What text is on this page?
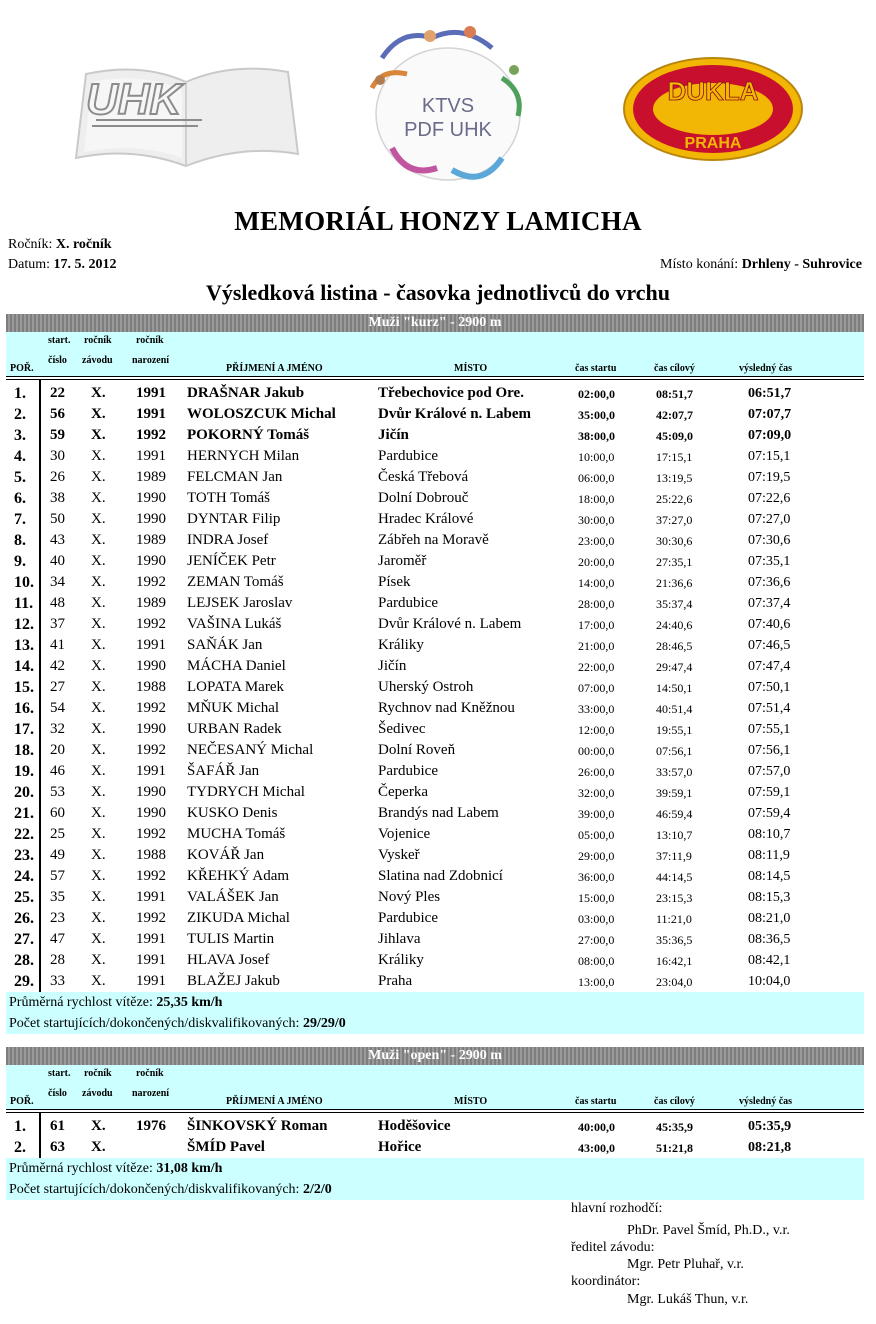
UHK	KTVS
PDF UHK
DUKLA
PRAHA
MEMORIÁL HONZY LAMICHA
Ročník: X. ročník
Datum: 17. 5. 2012	Místo konání: Drhleny - Suhrovice
Výsledková listina - časovka jednotlivců do vrchu
Muži "kurz" - 2900 m
POŘ.
start.
číslo
ročník
závodu
ročník
narození
PŘÍJMENÍ A JMÉNO	MÍSTO	čas startu	čas cílový	výsledný čas
1. 22 X. 1991 DRAŠNAR Jakub	Třebechovice pod Ore.	02:00,0	08:51,7	06:51,7
2. 56 X. 1991 WOLOSZCUK Michal	Dvůr Králové n. Labem	35:00,0	42:07,7	07:07,7
3. 59 X. 1992 POKORNÝ Tomáš	Jičín	38:00,0	45:09,0	07:09,0
4. 30 X. 1991 HERNYCH Milan	Pardubice	10:00,0	17:15,1	07:15,1
5. 26 X. 1989 FELCMAN Jan	Česká Třebová	06:00,0	13:19,5	07:19,5
6. 38 X. 1990 TOTH Tomáš	Dolní Dobrouč	18:00,0	25:22,6	07:22,6
7. 50 X. 1990 DYNTAR Filip	Hradec Králové	30:00,0	37:27,0	07:27,0
8. 43 X. 1989 INDRA Josef	Zábřeh na Moravě	23:00,0	30:30,6	07:30,6
9. 40 X. 1990 JENÍČEK Petr	Jaroměř	20:00,0	27:35,1	07:35,1
10. 34 X. 1992 ZEMAN Tomáš	Písek	14:00,0	21:36,6	07:36,6
11. 48 X. 1989 LEJSEK Jaroslav	Pardubice	28:00,0	35:37,4	07:37,4
12. 37 X. 1992 VAŠINA Lukáš	Dvůr Králové n. Labem	17:00,0	24:40,6	07:40,6
13. 41 X. 1991 SAŇÁK Jan	Králiky	21:00,0	28:46,5	07:46,5
14. 42 X. 1990 MÁCHA Daniel	Jičín	22:00,0	29:47,4	07:47,4
15. 27 X. 1988 LOPATA Marek	Uherský Ostroh	07:00,0	14:50,1	07:50,1
16. 54 X. 1992 MŇUK Michal	Rychnov nad Kněžnou	33:00,0	40:51,4	07:51,4
17. 32 X. 1990 URBAN Radek	Šedivec	12:00,0	19:55,1	07:55,1
18. 20 X. 1992 NEČESANÝ Michal	Dolní Roveň	00:00,0	07:56,1	07:56,1
19. 46 X. 1991 ŠAFÁŘ Jan	Pardubice	26:00,0	33:57,0	07:57,0
20. 53 X. 1990 TYDRYCH Michal	Čeperka	32:00,0	39:59,1	07:59,1
21. 60 X. 1990 KUSKO Denis	Brandýs nad Labem	39:00,0	46:59,4	07:59,4
22. 25 X. 1992 MUCHA Tomáš	Vojenice	05:00,0	13:10,7	08:10,7
23. 49 X. 1988 KOVÁŘ Jan	Vyskeř	29:00,0	37:11,9	08:11,9
24. 57 X. 1992 KŘEHKÝ Adam	Slatina nad Zdobnicí	36:00,0	44:14,5	08:14,5
25. 35 X. 1991 VALÁŠEK Jan	Nový Ples	15:00,0	23:15,3	08:15,3
26. 23 X. 1992 ZIKUDA Michal	Pardubice	03:00,0	11:21,0	08:21,0
27. 47 X. 1991 TULIS Martin	Jihlava	27:00,0	35:36,5	08:36,5
28. 28 X. 1991 HLAVA Josef	Králiky	08:00,0	16:42,1	08:42,1
29. 33 X. 1991 BLAŽEJ Jakub	Praha	13:00,0	23:04,0	10:04,0
Průměrná rychlost vítěze: 25,35 km/h
Počet startujících/dokončených/diskvalifikovaných: 29/29/0
Muži "open" - 2900 m
POŘ.
start.
číslo
ročník
závodu
ročník
narození
PŘÍJMENÍ A JMÉNO	MÍSTO	čas startu	čas cílový	výsledný čas
1. 61 X. 1976 ŠINKOVSKÝ Roman	Hoděšovice	40:00,0	45:35,9	05:35,9
2. 63 X.	ŠMÍD Pavel	Hořice	43:00,0	51:21,8	08:21,8
Průměrná rychlost vítěze: 31,08 km/h
Počet startujících/dokončených/diskvalifikovaných: 2/2/0
hlavní rozhodčí:
PhDr. Pavel Šmíd, Ph.D., v.r.
ředitel závodu:
Mgr. Petr Pluhař, v.r.
koordinátor:
Mgr. Lukáš Thun, v.r.
